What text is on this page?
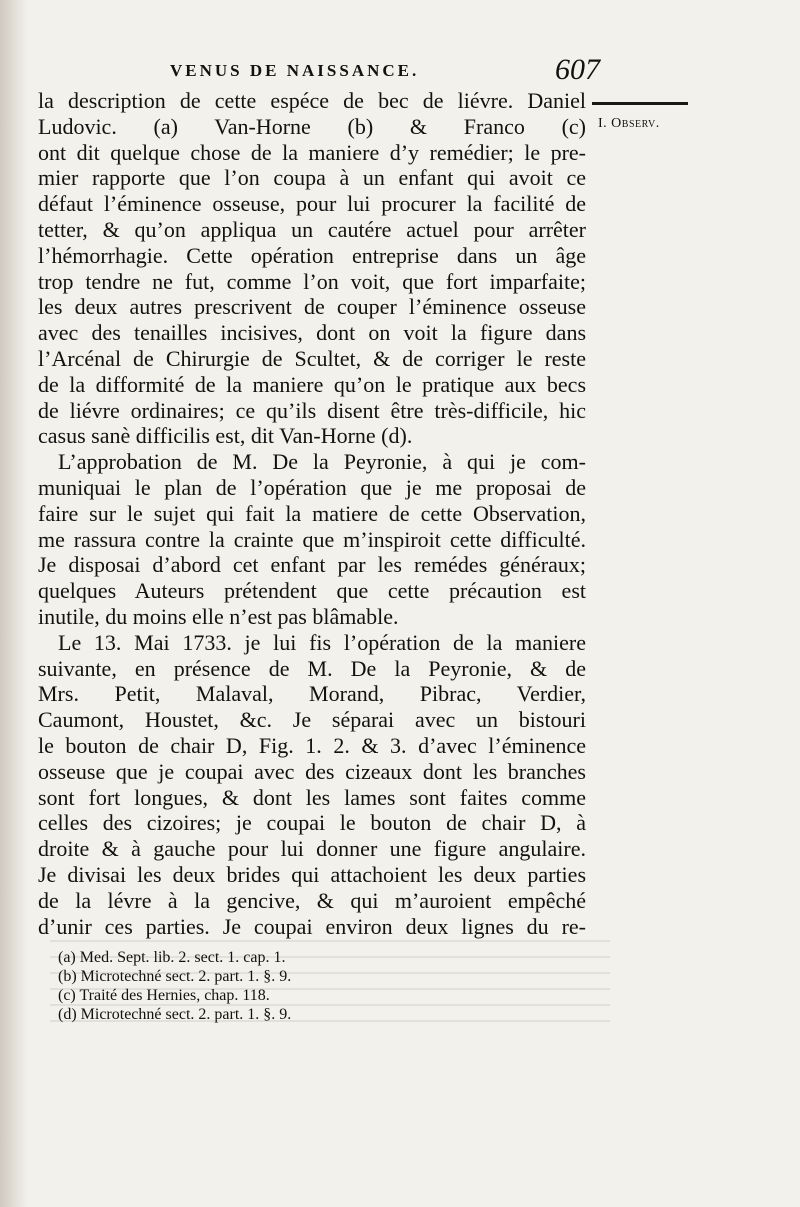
VENUS DE NAISSANCE.	607
I. Observ.
la description de cette espéce de bec de liévre. Daniel
Ludovic. (a) Van-Horne (b) & Franco (c)
ont dit quelque chose de la maniere d’y remédier; le pre-
mier rapporte que l’on coupa à un enfant qui avoit ce
défaut l’éminence osseuse, pour lui procurer la facilité de
tetter, & qu’on appliqua un cautére actuel pour arrêter
l’hémorrhagie. Cette opération entreprise dans un âge
trop tendre ne fut, comme l’on voit, que fort imparfaite;
les deux autres prescrivent de couper l’éminence osseuse
avec des tenailles incisives, dont on voit la figure dans
l’Arcénal de Chirurgie de Scultet, & de corriger le reste
de la difformité de la maniere qu’on le pratique aux becs
de liévre ordinaires; ce qu’ils disent être très-difficile, hic
casus sanè difficilis est, dit Van-Horne (d).
L’approbation de M. De la Peyronie, à qui je com-
muniquai le plan de l’opération que je me proposai de
faire sur le sujet qui fait la matiere de cette Observation,
me rassura contre la crainte que m’inspiroit cette difficulté.
Je disposai d’abord cet enfant par les remédes généraux;
quelques Auteurs prétendent que cette précaution est
inutile, du moins elle n’est pas blâmable.
Le 13. Mai 1733. je lui fis l’opération de la maniere
suivante, en présence de M. De la Peyronie, & de
Mrs. Petit, Malaval, Morand, Pibrac, Verdier,
Caumont, Houstet, &c. Je séparai avec un bistouri
le bouton de chair D, Fig. 1. 2. & 3. d’avec l’éminence
osseuse que je coupai avec des cizeaux dont les branches
sont fort longues, & dont les lames sont faites comme
celles des cizoires; je coupai le bouton de chair D, à
droite & à gauche pour lui donner une figure angulaire.
Je divisai les deux brides qui attachoient les deux parties
de la lévre à la gencive, & qui m’auroient empêché
d’unir ces parties. Je coupai environ deux lignes du re-
(a) Med. Sept. lib. 2. sect. 1. cap. 1.
(b) Microtechné sect. 2. part. 1. §. 9.
(c) Traité des Hernies, chap. 118.
(d) Microtechné sect. 2. part. 1. §. 9.
